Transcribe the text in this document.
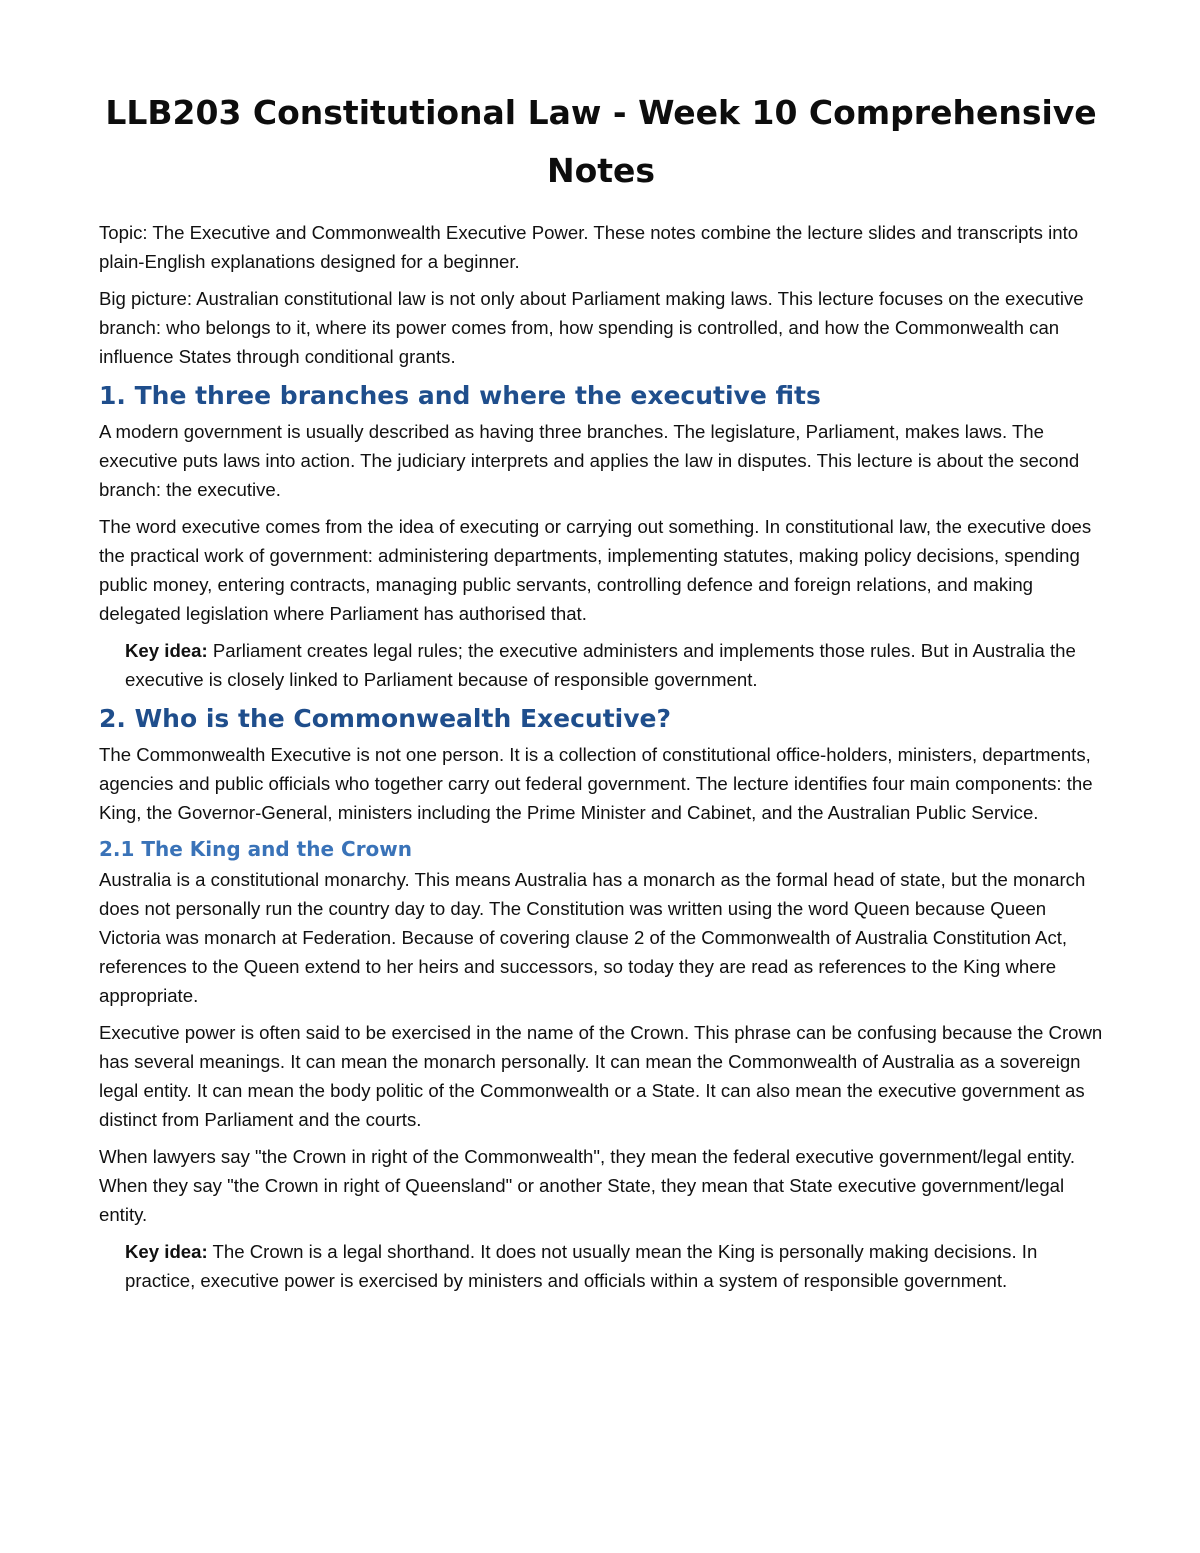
LLB203 Constitutional Law - Week 10 Comprehensive Notes

Topic: The Executive and Commonwealth Executive Power. These notes combine the lecture slides and transcripts into plain-English explanations designed for a beginner.

Big picture: Australian constitutional law is not only about Parliament making laws. This lecture focuses on the executive branch: who belongs to it, where its power comes from, how spending is controlled, and how the Commonwealth can influence States through conditional grants.

1. The three branches and where the executive fits

A modern government is usually described as having three branches. The legislature, Parliament, makes laws. The executive puts laws into action. The judiciary interprets and applies the law in disputes. This lecture is about the second branch: the executive.

The word executive comes from the idea of executing or carrying out something. In constitutional law, the executive does the practical work of government: administering departments, implementing statutes, making policy decisions, spending public money, entering contracts, managing public servants, controlling defence and foreign relations, and making delegated legislation where Parliament has authorised that.

Key idea: Parliament creates legal rules; the executive administers and implements those rules. But in Australia the executive is closely linked to Parliament because of responsible government.

2. Who is the Commonwealth Executive?

The Commonwealth Executive is not one person. It is a collection of constitutional office-holders, ministers, departments, agencies and public officials who together carry out federal government. The lecture identifies four main components: the King, the Governor-General, ministers including the Prime Minister and Cabinet, and the Australian Public Service.

2.1 The King and the Crown

Australia is a constitutional monarchy. This means Australia has a monarch as the formal head of state, but the monarch does not personally run the country day to day. The Constitution was written using the word Queen because Queen Victoria was monarch at Federation. Because of covering clause 2 of the Commonwealth of Australia Constitution Act, references to the Queen extend to her heirs and successors, so today they are read as references to the King where appropriate.

Executive power is often said to be exercised in the name of the Crown. This phrase can be confusing because the Crown has several meanings. It can mean the monarch personally. It can mean the Commonwealth of Australia as a sovereign legal entity. It can mean the body politic of the Commonwealth or a State. It can also mean the executive government as distinct from Parliament and the courts.

When lawyers say "the Crown in right of the Commonwealth", they mean the federal executive government/legal entity. When they say "the Crown in right of Queensland" or another State, they mean that State executive government/legal entity.

Key idea: The Crown is a legal shorthand. It does not usually mean the King is personally making decisions. In practice, executive power is exercised by ministers and officials within a system of responsible government.
